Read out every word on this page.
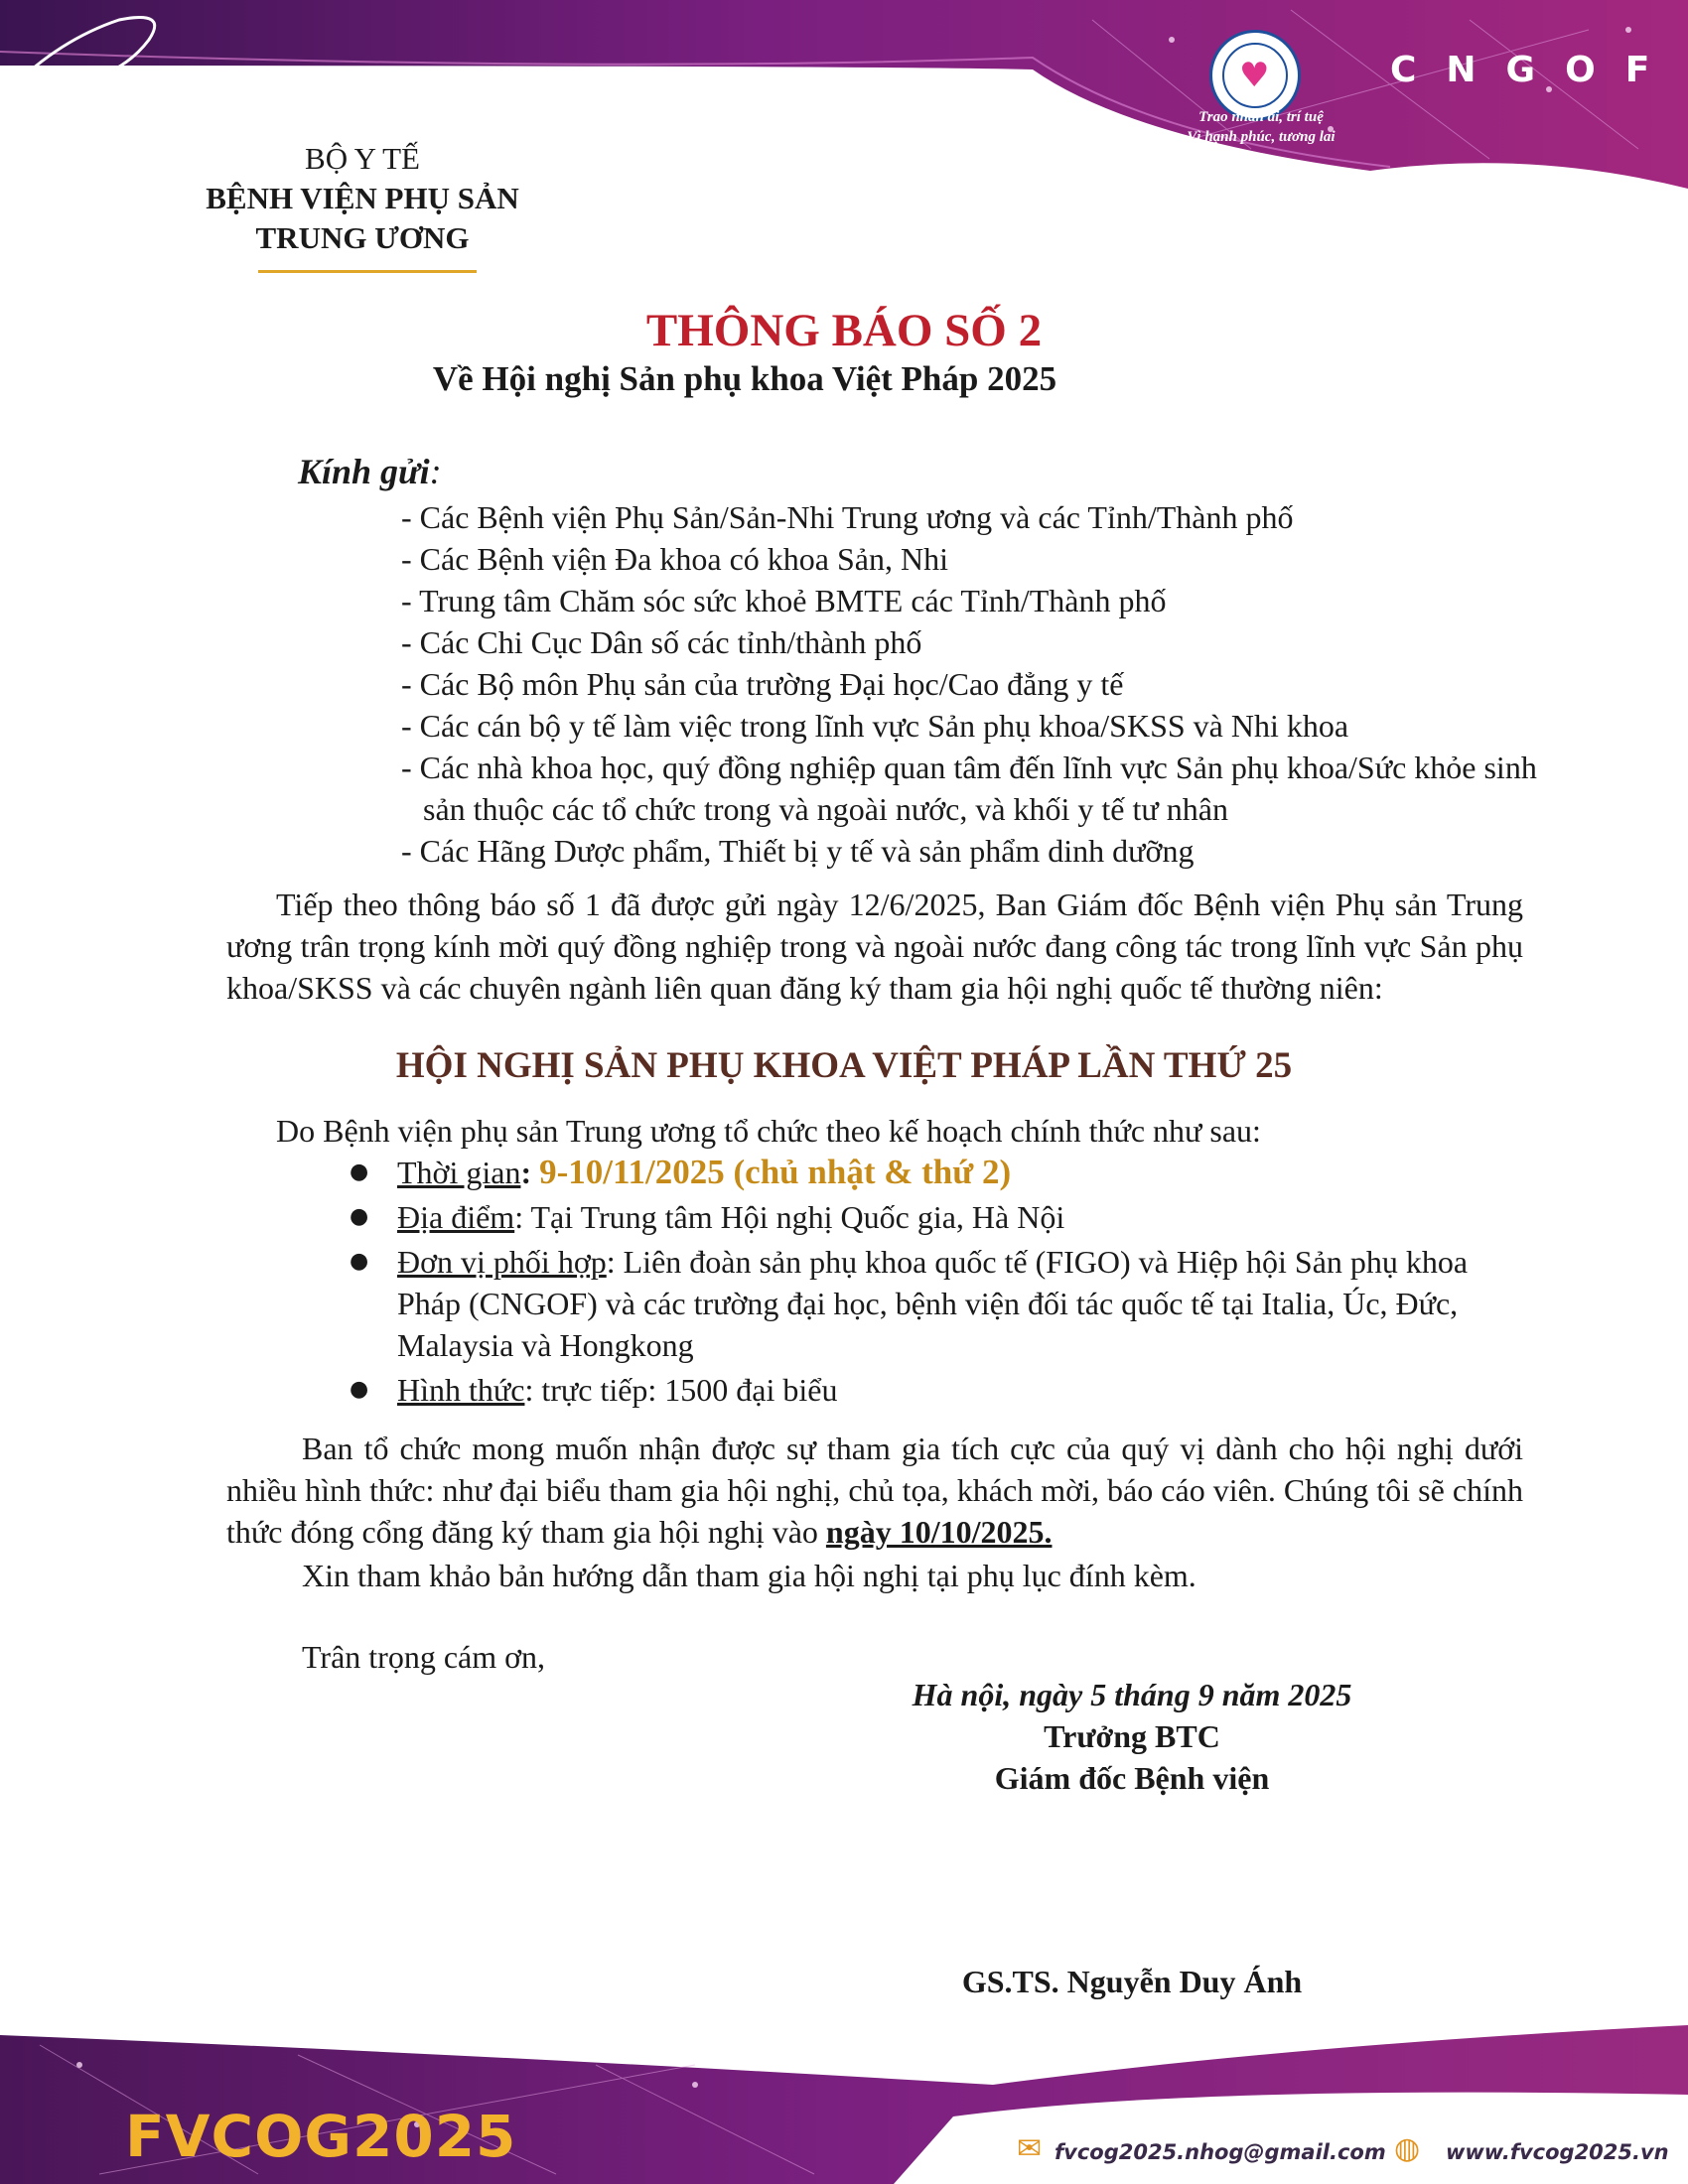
♥
Trao nhân ái, trí tuệ
Vì hạnh phúc, tương lai
CNGOF
BỘ Y TẾ
BỆNH VIỆN PHỤ SẢN
TRUNG ƯƠNG
THÔNG BÁO SỐ 2
Về Hội nghị Sản phụ khoa Việt Pháp 2025
Kính gửi:
- Các Bệnh viện Phụ Sản/Sản-Nhi Trung ương và các Tỉnh/Thành phố
- Các Bệnh viện Đa khoa có khoa Sản, Nhi
- Trung tâm Chăm sóc sức khoẻ BMTE các Tỉnh/Thành phố
- Các Chi Cục Dân số các tỉnh/thành phố
- Các Bộ môn Phụ sản của trường Đại học/Cao đẳng y tế
- Các cán bộ y tế làm việc trong lĩnh vực Sản phụ khoa/SKSS và Nhi khoa
- Các nhà khoa học, quý đồng nghiệp quan tâm đến lĩnh vực Sản phụ khoa/Sức khỏe sinh sản thuộc các tổ chức trong và ngoài nước, và khối y tế tư nhân
- Các Hãng Dược phẩm, Thiết bị y tế và sản phẩm dinh dưỡng
Tiếp theo thông báo số 1 đã được gửi ngày 12/6/2025, Ban Giám đốc Bệnh viện Phụ sản Trung ương trân trọng kính mời quý đồng nghiệp trong và ngoài nước đang công tác trong lĩnh vực Sản phụ khoa/SKSS và các chuyên ngành liên quan đăng ký tham gia hội nghị quốc tế thường niên:
HỘI NGHỊ SẢN PHỤ KHOA VIỆT PHÁP LẦN THỨ 25
Do Bệnh viện phụ sản Trung ương tổ chức theo kế hoạch chính thức như sau:
● Thời gian: 9-10/11/2025 (chủ nhật & thứ 2)
● Địa điểm: Tại Trung tâm Hội nghị Quốc gia, Hà Nội
● Đơn vị phối hợp: Liên đoàn sản phụ khoa quốc tế (FIGO) và Hiệp hội Sản phụ khoa Pháp (CNGOF) và các trường đại học, bệnh viện đối tác quốc tế tại Italia, Úc, Đức, Malaysia và Hongkong
● Hình thức: trực tiếp: 1500 đại biểu
Ban tổ chức mong muốn nhận được sự tham gia tích cực của quý vị dành cho hội nghị dưới nhiều hình thức: như đại biểu tham gia hội nghị, chủ tọa, khách mời, báo cáo viên. Chúng tôi sẽ chính thức đóng cổng đăng ký tham gia hội nghị vào ngày 10/10/2025.
Xin tham khảo bản hướng dẫn tham gia hội nghị tại phụ lục đính kèm.
Trân trọng cám ơn,
Hà nội, ngày 5 tháng 9 năm 2025
Trưởng BTC
Giám đốc Bệnh viện
GS.TS. Nguyễn Duy Ánh
FVCOG2025	✉ fvcog2025.nhog@gmail.com ◍ www.fvcog2025.vn
